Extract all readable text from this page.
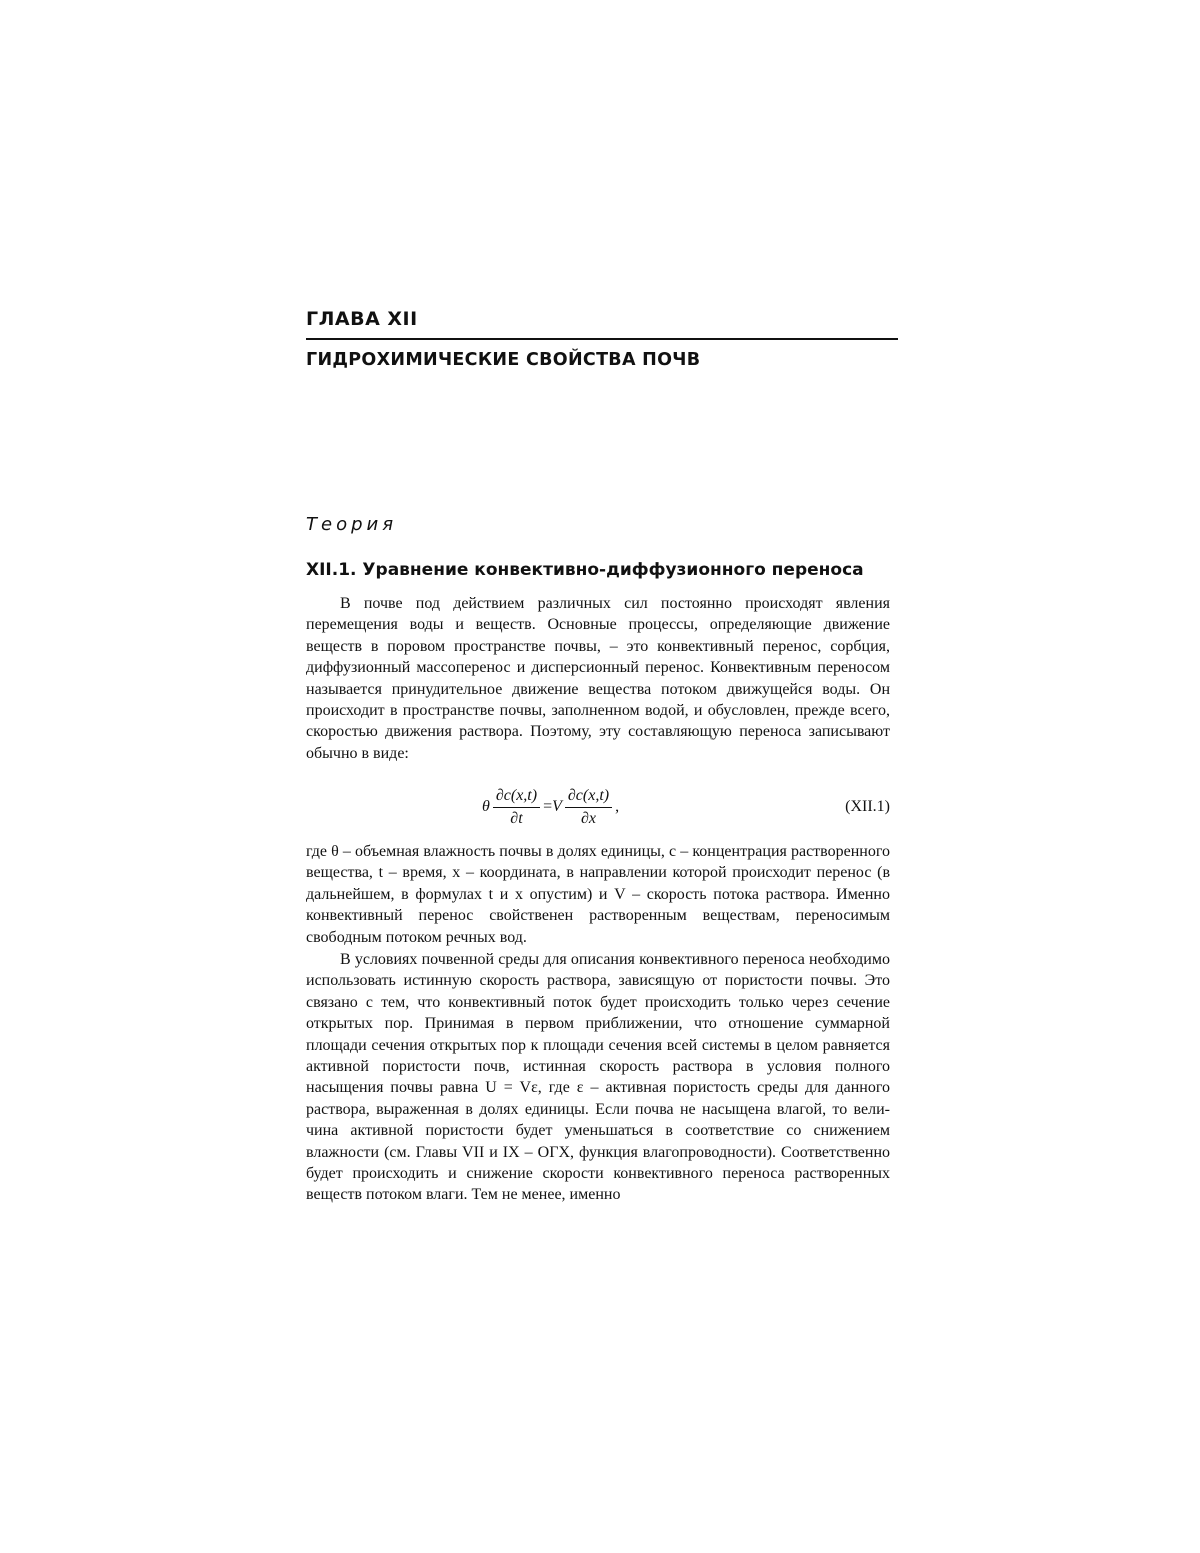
ГЛАВА XII
ГИДРОХИМИЧЕСКИЕ СВОЙСТВА ПОЧВ
Теория
XII.1. Уравнение конвективно-диффузионного переноса

В почве под действием различных сил постоянно происходят явления перемещения воды и веществ. Основные процессы, определяющие движение веществ в поровом пространстве почвы, – это конвективный перенос, сорбция, диффузионный массоперенос и дисперсионный перенос. Конвективным переносом называется принудительное движение вещества потоком движущейся воды. Он происходит в пространстве почвы, заполненном водой, и обусловлен, прежде всего, скоростью движения раствора. Поэтому, эту составляющую переноса записывают обычно в виде:

θ $\frac{\partial c(x,t)}{\partial t} = V \frac{\partial c(x,t)}{\partial x}$ ,	(XII.1)

где θ – объемная влажность почвы в долях единицы, c – концентрация растворенного вещества, t – время, x – координата, в направлении которой происходит перенос (в дальнейшем, в формулах t и x опустим) и V – скорость потока раствора. Именно конвективный перенос свойственен растворенным веществам, переносимым свободным потоком речных вод.

В условиях почвенной среды для описания конвективного переноса необходимо использовать истинную скорость раствора, зависящую от пористости почвы. Это связано с тем, что конвективный поток будет происходить только через сечение открытых пор. Принимая в первом приближении, что отношение суммарной площади сечения открытых пор к площади сечения всей системы в целом равняется активной пористости почв, истинная скорость раствора в условия полного насыщения почвы равна U = Vε, где ε – активная пористость среды для данного раствора, выраженная в долях единицы. Если почва не насыщена влагой, то величина активной пористости будет уменьшаться в соответствие со снижением влажности (см. Главы VII и IX – ОГХ, функция влагопроводности). Соответственно будет происходить и снижение скорости конвективного переноса растворенных веществ потоком влаги. Тем не менее, именно
